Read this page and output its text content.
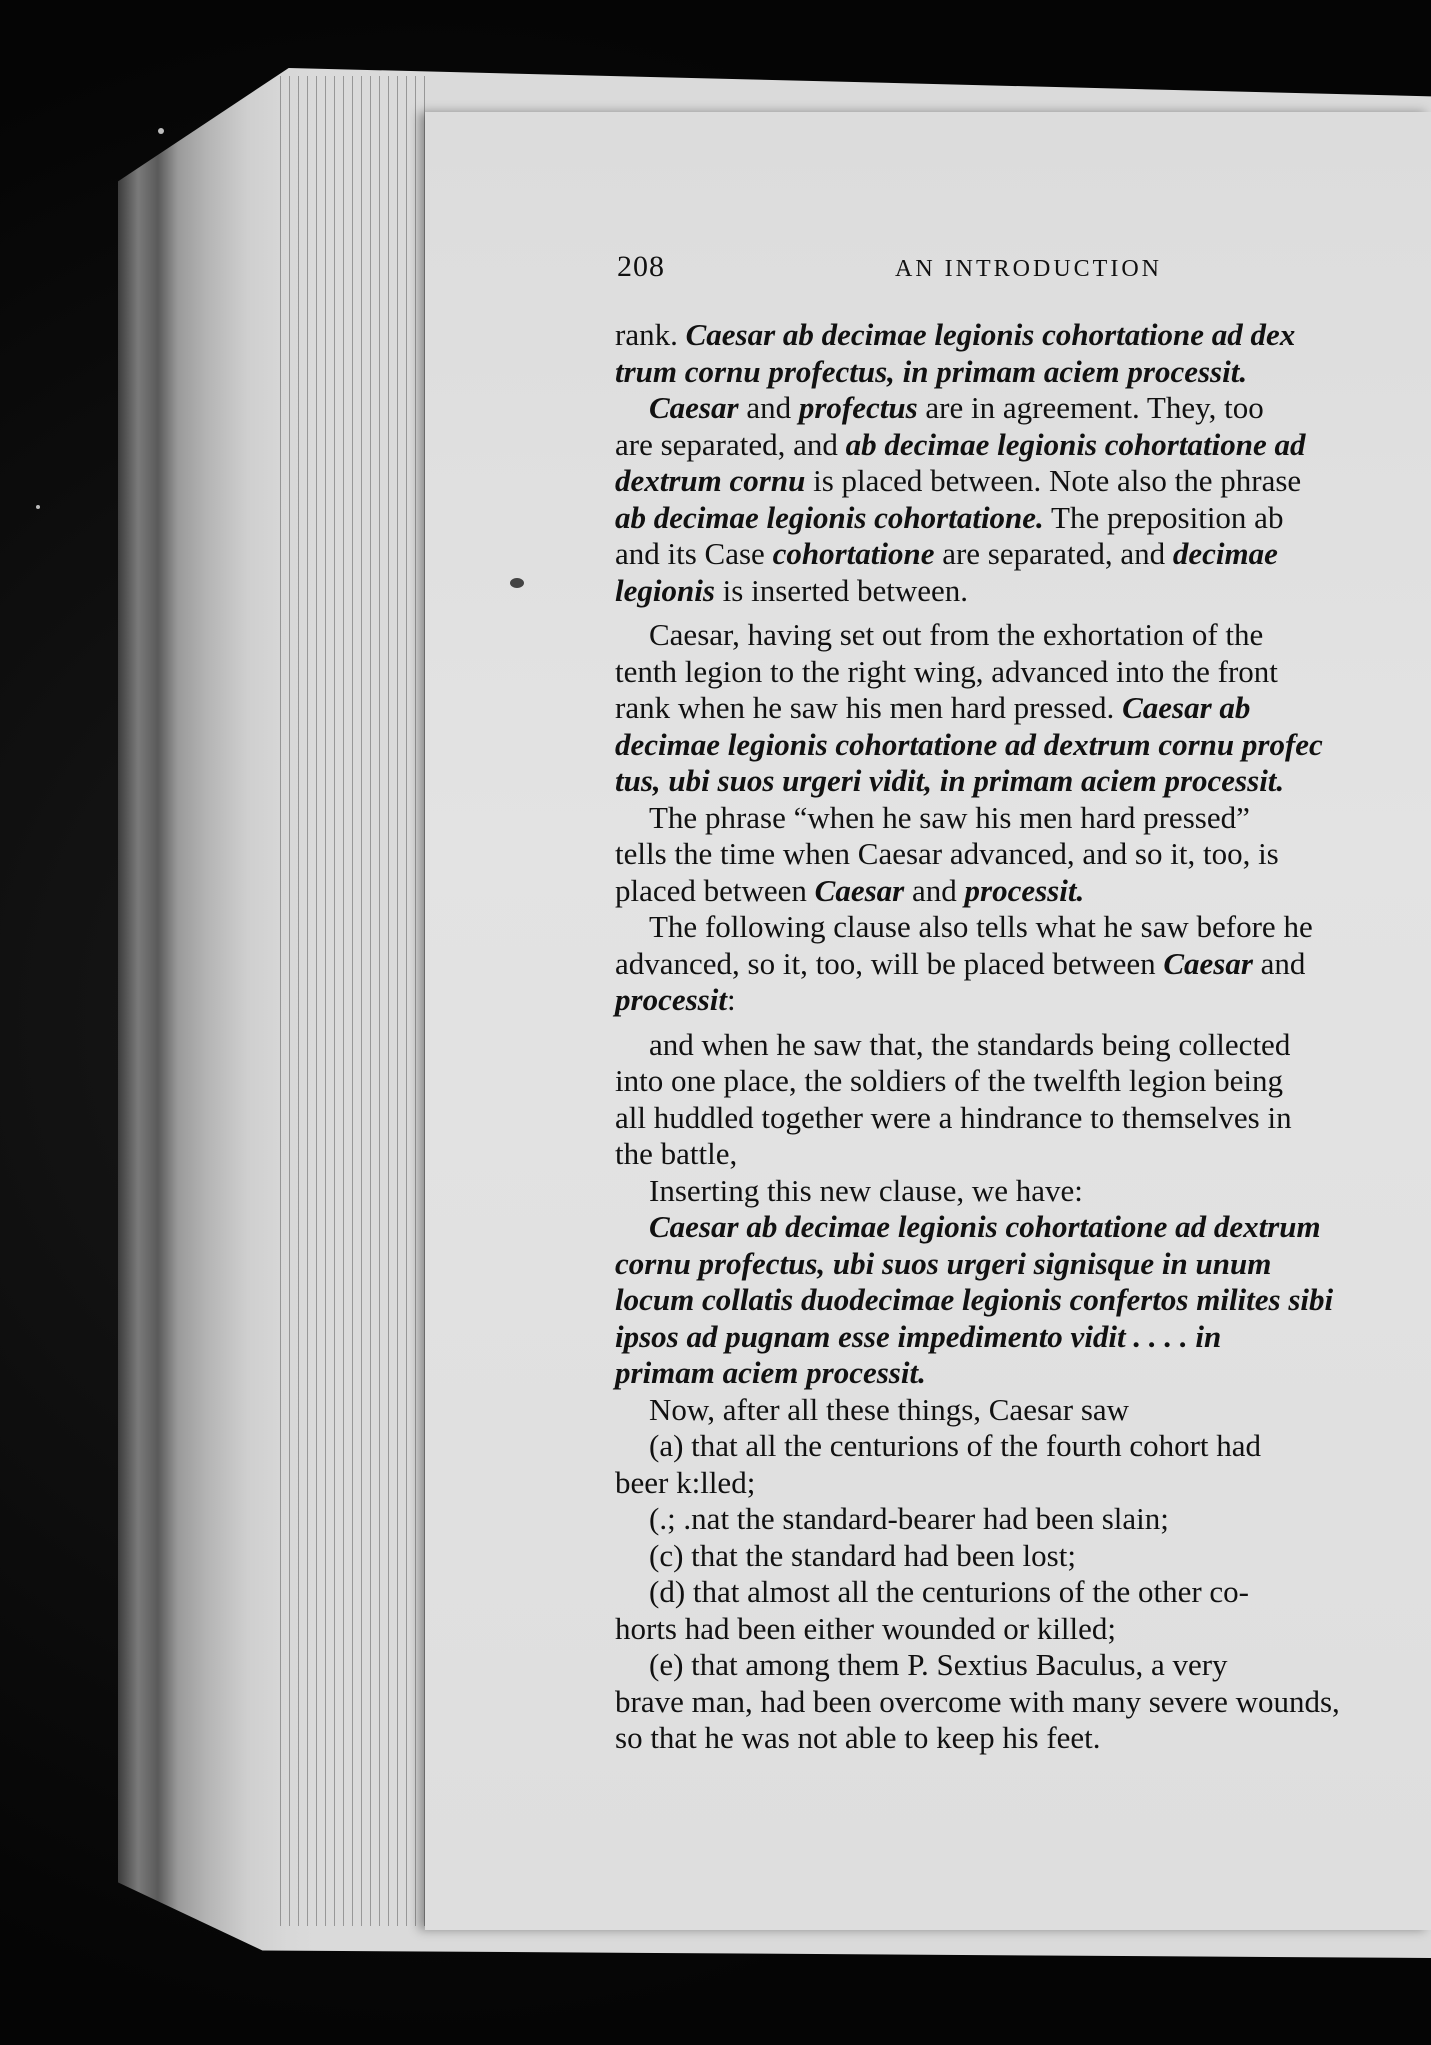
208	AN INTRODUCTION
rank. Caesar ab decimae legionis cohortatione ad dex
trum cornu profectus, in primam aciem processit.
Caesar and profectus are in agreement. They, too
are separated, and ab decimae legionis cohortatione ad
dextrum cornu is placed between. Note also the phrase
ab decimae legionis cohortatione. The preposition ab
and its Case cohortatione are separated, and decimae
legionis is inserted between.
Caesar, having set out from the exhortation of the
tenth legion to the right wing, advanced into the front
rank when he saw his men hard pressed. Caesar ab
decimae legionis cohortatione ad dextrum cornu profec
tus, ubi suos urgeri vidit, in primam aciem processit.
The phrase “when he saw his men hard pressed”
tells the time when Caesar advanced, and so it, too, is
placed between Caesar and processit.
The following clause also tells what he saw before he
advanced, so it, too, will be placed between Caesar and
processit:
and when he saw that, the standards being collected
into one place, the soldiers of the twelfth legion being
all huddled together were a hindrance to themselves in
the battle,
Inserting this new clause, we have:
Caesar ab decimae legionis cohortatione ad dextrum
cornu profectus, ubi suos urgeri signisque in unum
locum collatis duodecimae legionis confertos milites sibi
ipsos ad pugnam esse impedimento vidit . . . . in
primam aciem processit.
Now, after all these things, Caesar saw
(a) that all the centurions of the fourth cohort had
beer k:lled;
(.; .nat the standard-bearer had been slain;
(c) that the standard had been lost;
(d) that almost all the centurions of the other co-
horts had been either wounded or killed;
(e) that among them P. Sextius Baculus, a very
brave man, had been overcome with many severe wounds,
so that he was not able to keep his feet.
